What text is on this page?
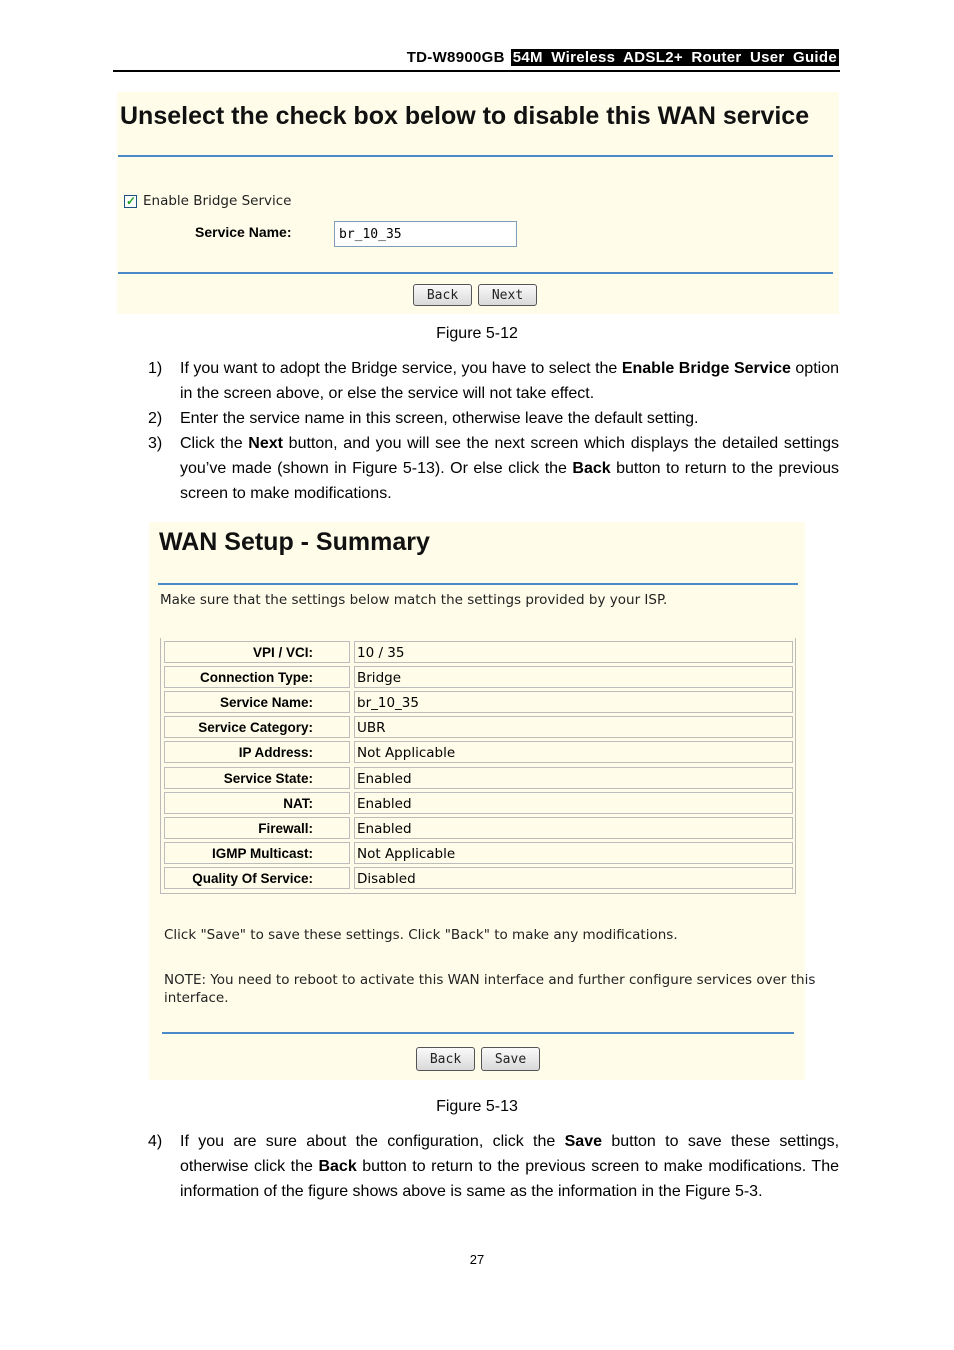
TD-W8900GB 54M Wireless ADSL2+ Router User Guide
Unselect the check box below to disable this WAN service
✓ Enable Bridge Service
Service Name:
br_10_35
Back	Next
Figure 5-12
1) If you want to adopt the Bridge service, you have to select the Enable Bridge Service option in the screen above, or else the service will not take effect.
2) Enter the service name in this screen, otherwise leave the default setting.
3) Click the Next button, and you will see the next screen which displays the detailed settings you’ve made (shown in Figure 5-13). Or else click the Back button to return to the previous screen to make modifications.
WAN Setup - Summary
Make sure that the settings below match the settings provided by your ISP.
VPI / VCI:	10 / 35
Connection Type:	Bridge
Service Name:	br_10_35
Service Category:	UBR
IP Address:	Not Applicable
Service State:	Enabled
NAT:	Enabled
Firewall:	Enabled
IGMP Multicast:	Not Applicable
Quality Of Service:	Disabled
Click "Save" to save these settings. Click "Back" to make any modifications.
NOTE: You need to reboot to activate this WAN interface and further configure services over this
interface.
Back	Save
Figure 5-13
4) If you are sure about the configuration, click the Save button to save these settings, otherwise click the Back button to return to the previous screen to make modifications. The information of the figure shows above is same as the information in the Figure 5-3.
27
